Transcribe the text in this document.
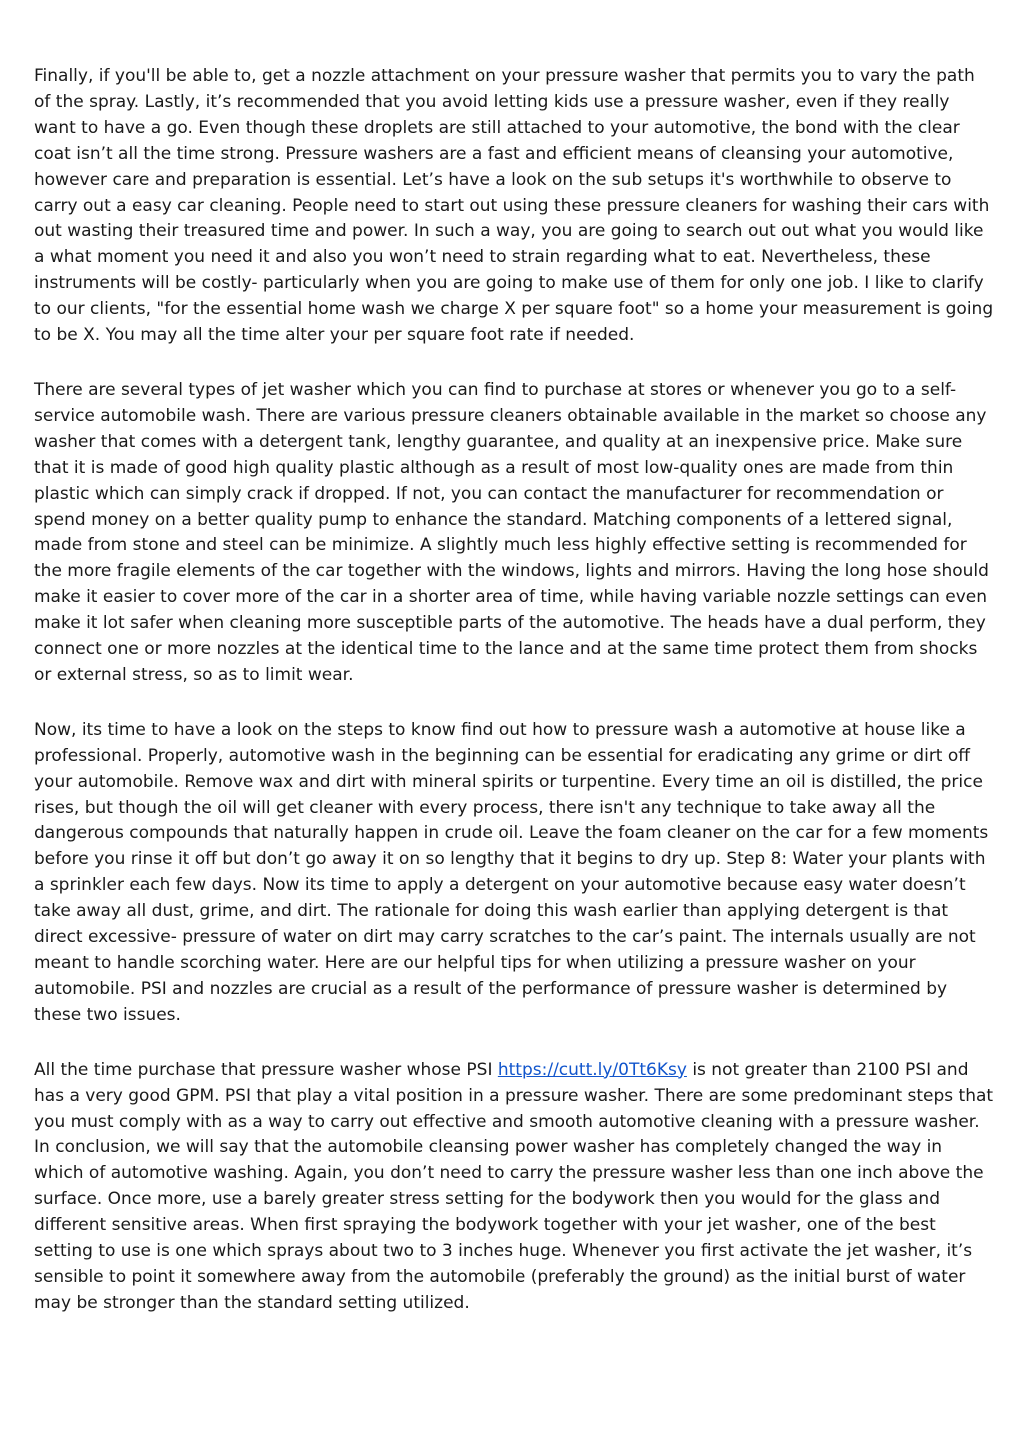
Finally, if you'll be able to, get a nozzle attachment on your pressure washer that permits you to vary the path of the spray. Lastly, it’s recommended that you avoid letting kids use a pressure washer, even if they really want to have a go. Even though these droplets are still attached to your automotive, the bond with the clear coat isn’t all the time strong. Pressure washers are a fast and efficient means of cleansing your automotive, however care and preparation is essential. Let’s have a look on the sub setups it's worthwhile to observe to carry out a easy car cleaning. People need to start out using these pressure cleaners for washing their cars with out wasting their treasured time and power. In such a way, you are going to search out out what you would like a what moment you need it and also you won’t need to strain regarding what to eat. Nevertheless, these instruments will be costly- particularly when you are going to make use of them for only one job. I like to clarify to our clients, "for the essential home wash we charge X per square foot" so a home your measurement is going to be X. You may all the time alter your per square foot rate if needed.

There are several types of jet washer which you can find to purchase at stores or whenever you go to a self-service automobile wash. There are various pressure cleaners obtainable available in the market so choose any washer that comes with a detergent tank, lengthy guarantee, and quality at an inexpensive price. Make sure that it is made of good high quality plastic although as a result of most low-quality ones are made from thin plastic which can simply crack if dropped. If not, you can contact the manufacturer for recommendation or spend money on a better quality pump to enhance the standard. Matching components of a lettered signal, made from stone and steel can be minimize. A slightly much less highly effective setting is recommended for the more fragile elements of the car together with the windows, lights and mirrors. Having the long hose should make it easier to cover more of the car in a shorter area of time, while having variable nozzle settings can even make it lot safer when cleaning more susceptible parts of the automotive. The heads have a dual perform, they connect one or more nozzles at the identical time to the lance and at the same time protect them from shocks or external stress, so as to limit wear.

Now, its time to have a look on the steps to know find out how to pressure wash a automotive at house like a professional. Properly, automotive wash in the beginning can be essential for eradicating any grime or dirt off your automobile. Remove wax and dirt with mineral spirits or turpentine. Every time an oil is distilled, the price rises, but though the oil will get cleaner with every process, there isn't any technique to take away all the dangerous compounds that naturally happen in crude oil. Leave the foam cleaner on the car for a few moments before you rinse it off but don’t go away it on so lengthy that it begins to dry up. Step 8: Water your plants with a sprinkler each few days. Now its time to apply a detergent on your automotive because easy water doesn’t take away all dust, grime, and dirt. The rationale for doing this wash earlier than applying detergent is that direct excessive- pressure of water on dirt may carry scratches to the car’s paint. The internals usually are not meant to handle scorching water. Here are our helpful tips for when utilizing a pressure washer on your automobile. PSI and nozzles are crucial as a result of the performance of pressure washer is determined by these two issues.

All the time purchase that pressure washer whose PSI https://cutt.ly/0Tt6Ksy is not greater than 2100 PSI and has a very good GPM. PSI that play a vital position in a pressure washer. There are some predominant steps that you must comply with as a way to carry out effective and smooth automotive cleaning with a pressure washer. In conclusion, we will say that the automobile cleansing power washer has completely changed the way in which of automotive washing. Again, you don’t need to carry the pressure washer less than one inch above the surface. Once more, use a barely greater stress setting for the bodywork then you would for the glass and different sensitive areas. When first spraying the bodywork together with your jet washer, one of the best setting to use is one which sprays about two to 3 inches huge. Whenever you first activate the jet washer, it’s sensible to point it somewhere away from the automobile (preferably the ground) as the initial burst of water may be stronger than the standard setting utilized.
